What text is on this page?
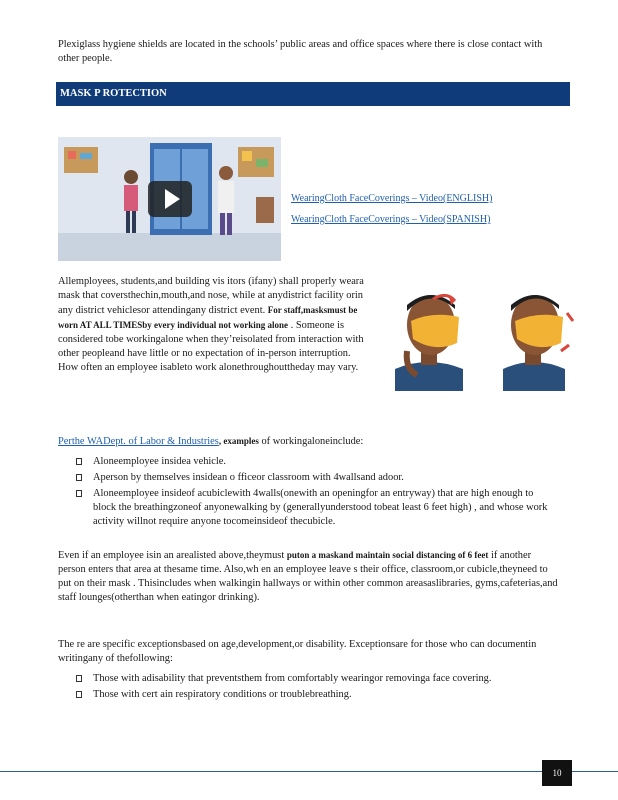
Plexiglass hygiene shields are located in the schools’ public areas and office spaces where there is close contact with other people.
MASK P ROTECTION
WearingCloth FaceCoverings – Video(ENGLISH)
WearingCloth FaceCoverings – Video(SPANISH)
Allemployees, students,and building vis itors (ifany) shall properly weara mask that coversthechin,mouth,and nose, while at anydistrict facility orin any district vehiclesor attendingany district event. For staff,masksmust be worn AT ALL TIMESby every individual not working alone . Someone is considered tobe workingalone when they’reisolated from interaction with other peopleand have little or no expectation of in-person interruption. How often an employee isableto work alonethroughouttheday may vary.
Perthe WADept. of Labor & Industries, examples of workingaloneinclude:
Aloneemployee insidea vehicle.
Aperson by themselves insidean o fficeor classroom with 4wallsand adoor.
Aloneemployee insideof acubiclewith 4walls(onewith an openingfor an entryway) that are high enough to block the breathingzoneof anyonewalking by (generallyunderstood tobeat least 6 feet high) , and whose work activity willnot require anyone tocomeinsideof thecubicle.
Even if an employee isin an arealisted above,theymust puton a maskand maintain social distancing of 6 feet if another person enters that area at thesame time. Also,wh en an employee leave s their office, classroom,or cubicle,theyneed to put on their mask . Thisincludes when walkingin hallways or within other common areasaslibraries, gyms,cafeterias,and staff lounges(otherthan when eatingor drinking).
The re are specific exceptionsbased on age,development,or disability. Exceptionsare for those who can documentin writingany of thefollowing:
Those with adisability that preventsthem from comfortably wearingor removinga face covering.
Those with cert ain respiratory conditions or troublebreathing.
10
